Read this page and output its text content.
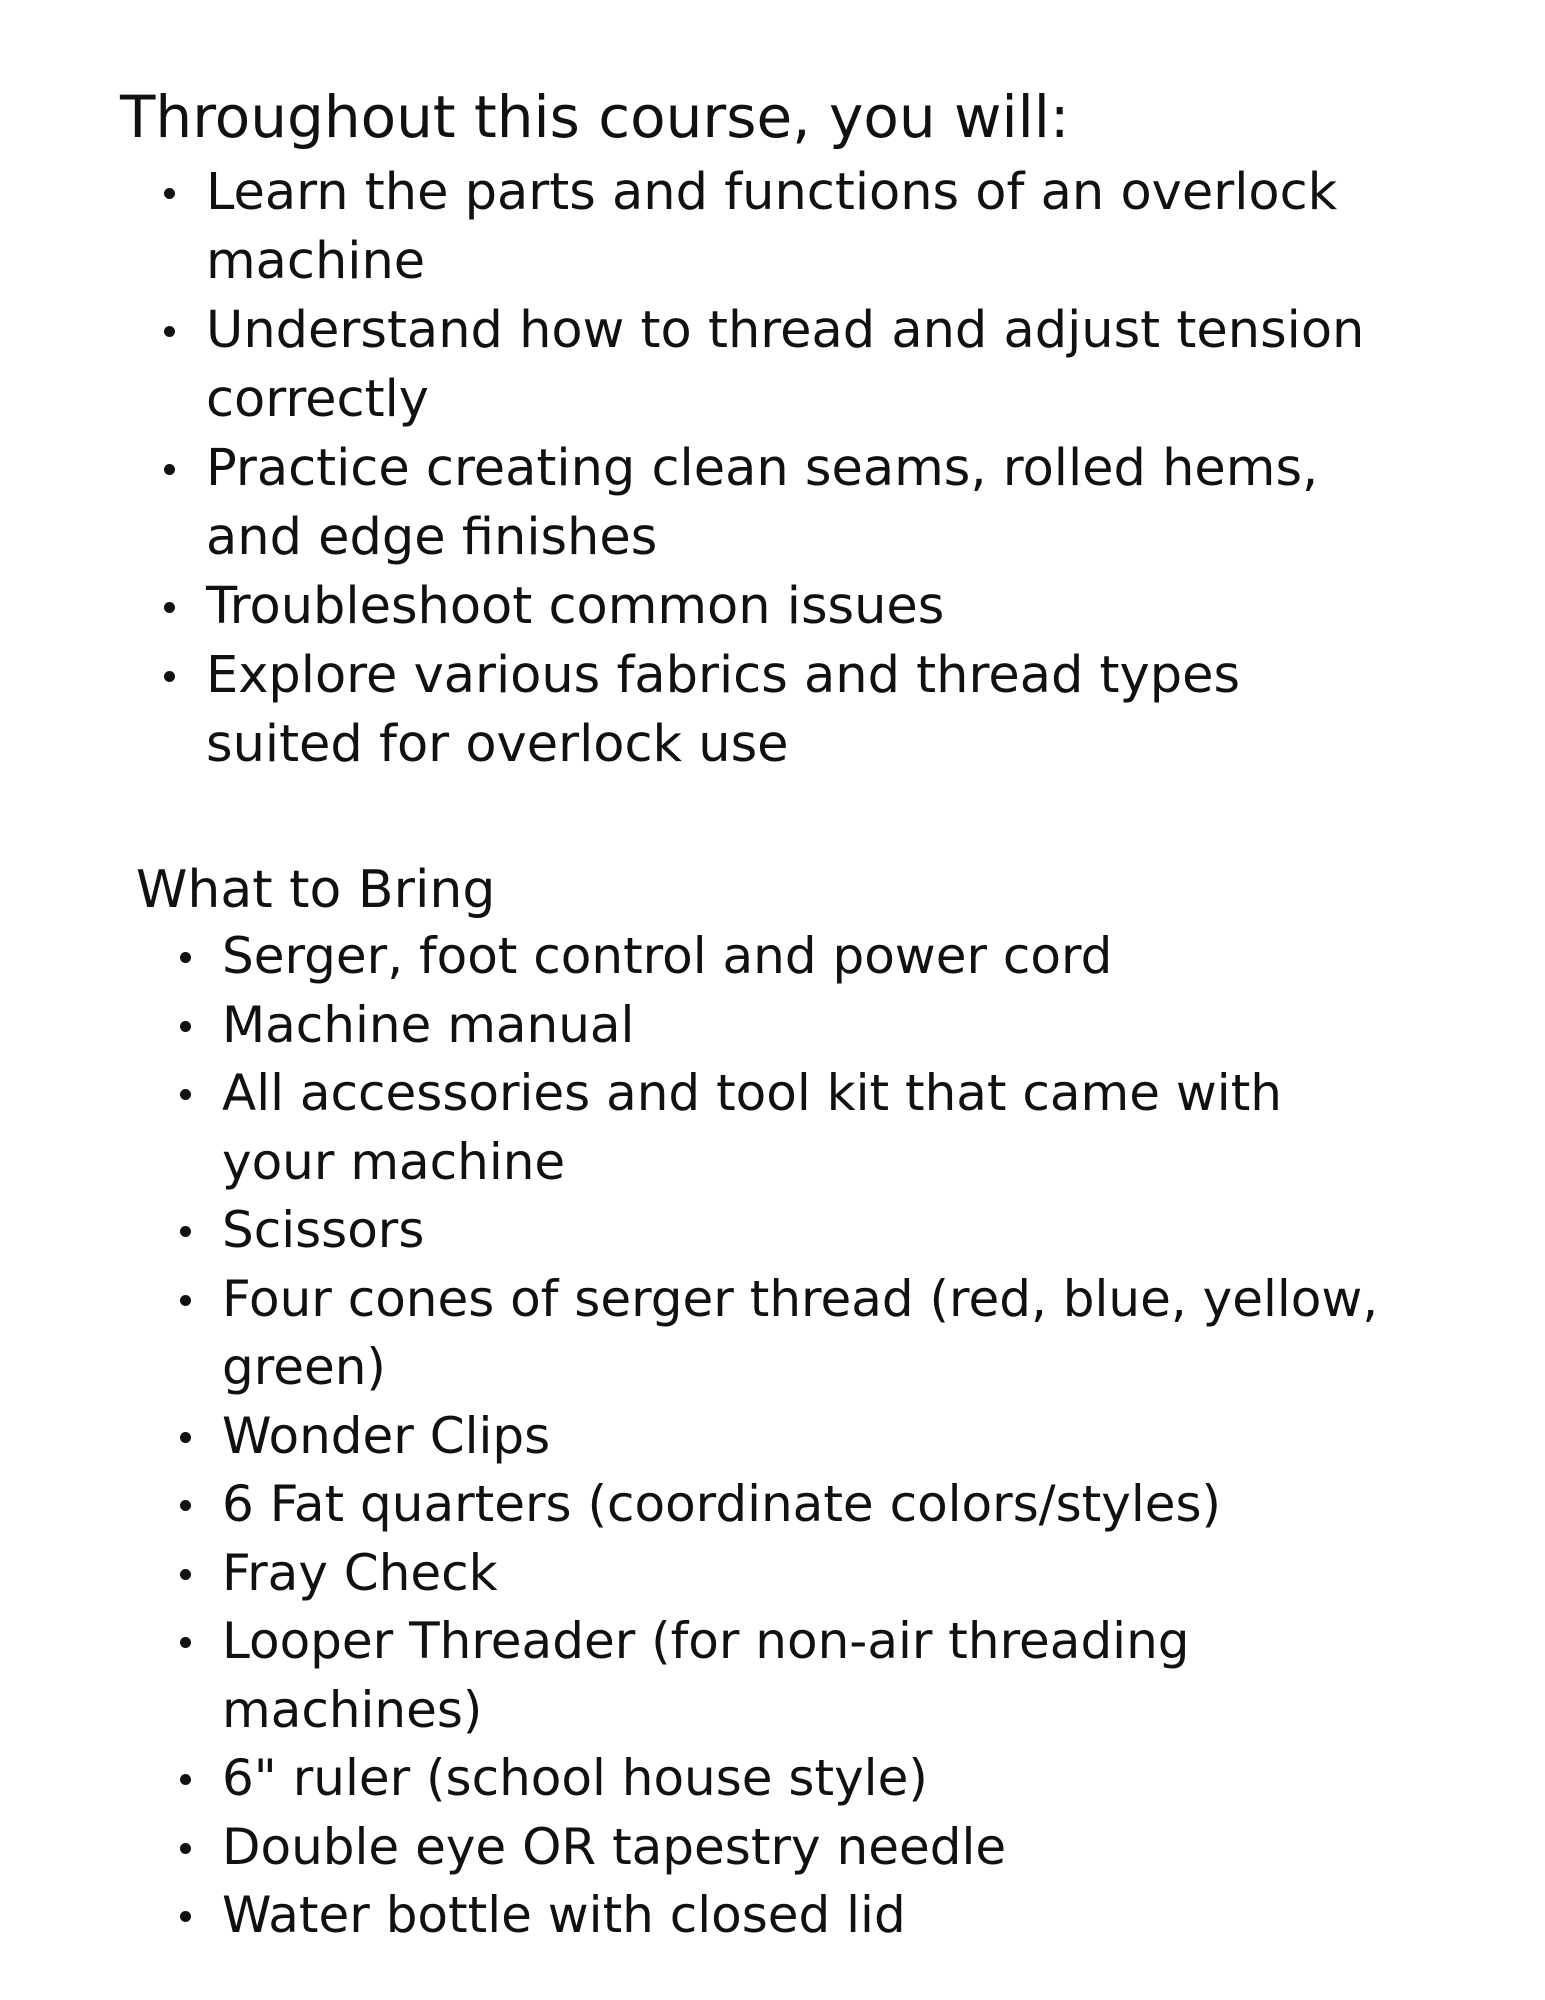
Throughout this course, you will:
Learn the parts and functions of an overlock machine
Understand how to thread and adjust tension correctly
Practice creating clean seams, rolled hems, and edge finishes
Troubleshoot common issues
Explore various fabrics and thread types suited for overlock use
What to Bring
Serger, foot control and power cord
Machine manual
All accessories and tool kit that came with your machine
Scissors
Four cones of serger thread (red, blue, yellow, green)
Wonder Clips
6 Fat quarters (coordinate colors/styles)
Fray Check
Looper Threader (for non-air threading machines)
6" ruler (school house style)
Double eye OR tapestry needle
Water bottle with closed lid
